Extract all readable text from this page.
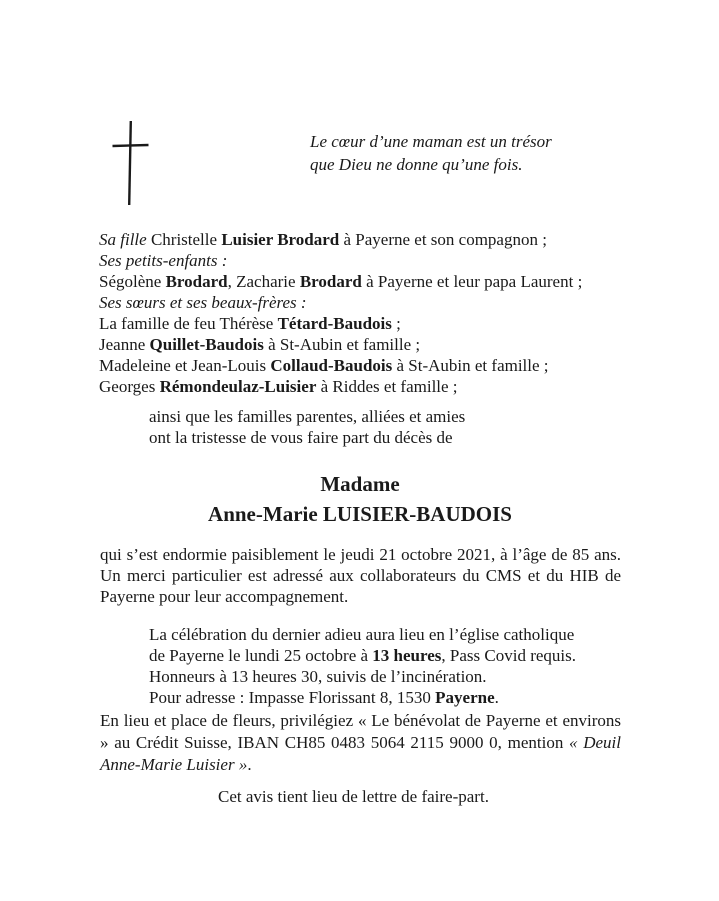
Le cœur d’une maman est un trésor
que Dieu ne donne qu’une fois.
Sa fille Christelle Luisier Brodard à Payerne et son compagnon ;
Ses petits-enfants :
Ségolène Brodard, Zacharie Brodard à Payerne et leur papa Laurent ;
Ses sœurs et ses beaux-frères :
La famille de feu Thérèse Tétard-Baudois ;
Jeanne Quillet-Baudois à St-Aubin et famille ;
Madeleine et Jean-Louis Collaud-Baudois à St-Aubin et famille ;
Georges Rémondeulaz-Luisier à Riddes et famille ;
ainsi que les familles parentes, alliées et amies
ont la tristesse de vous faire part du décès de
Madame
Anne-Marie LUISIER-BAUDOIS

qui s’est endormie paisiblement le jeudi 21 octobre 2021, à l’âge de 85 ans. Un merci particulier est adressé aux collaborateurs du CMS et du HIB de Payerne pour leur accompagnement.

La célébration du dernier adieu aura lieu en l’église catholique
de Payerne le lundi 25 octobre à 13 heures, Pass Covid requis.
Honneurs à 13 heures 30, suivis de l’incinération.
Pour adresse : Impasse Florissant 8, 1530 Payerne.

En lieu et place de fleurs, privilégiez « Le bénévolat de Payerne et environs » au Crédit Suisse, IBAN CH85 0483 5064 2115 9000 0, mention « Deuil Anne-Marie Luisier ».

Cet avis tient lieu de lettre de faire-part.
